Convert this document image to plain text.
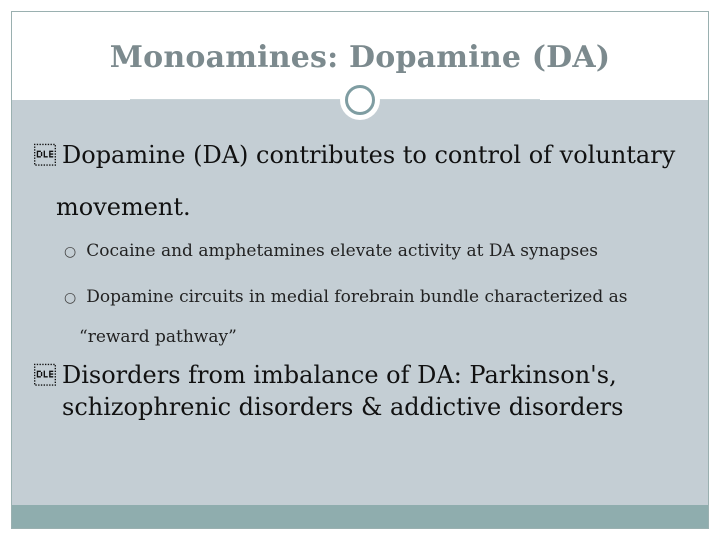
Monoamines: Dopamine (DA)
 Dopamine (DA) contributes to control of voluntary
movement.
○ Cocaine and amphetamines elevate activity at DA synapses
○ Dopamine circuits in medial forebrain bundle characterized as
“reward pathway”
 Disorders from imbalance of DA: Parkinson's,
schizophrenic disorders & addictive disorders
